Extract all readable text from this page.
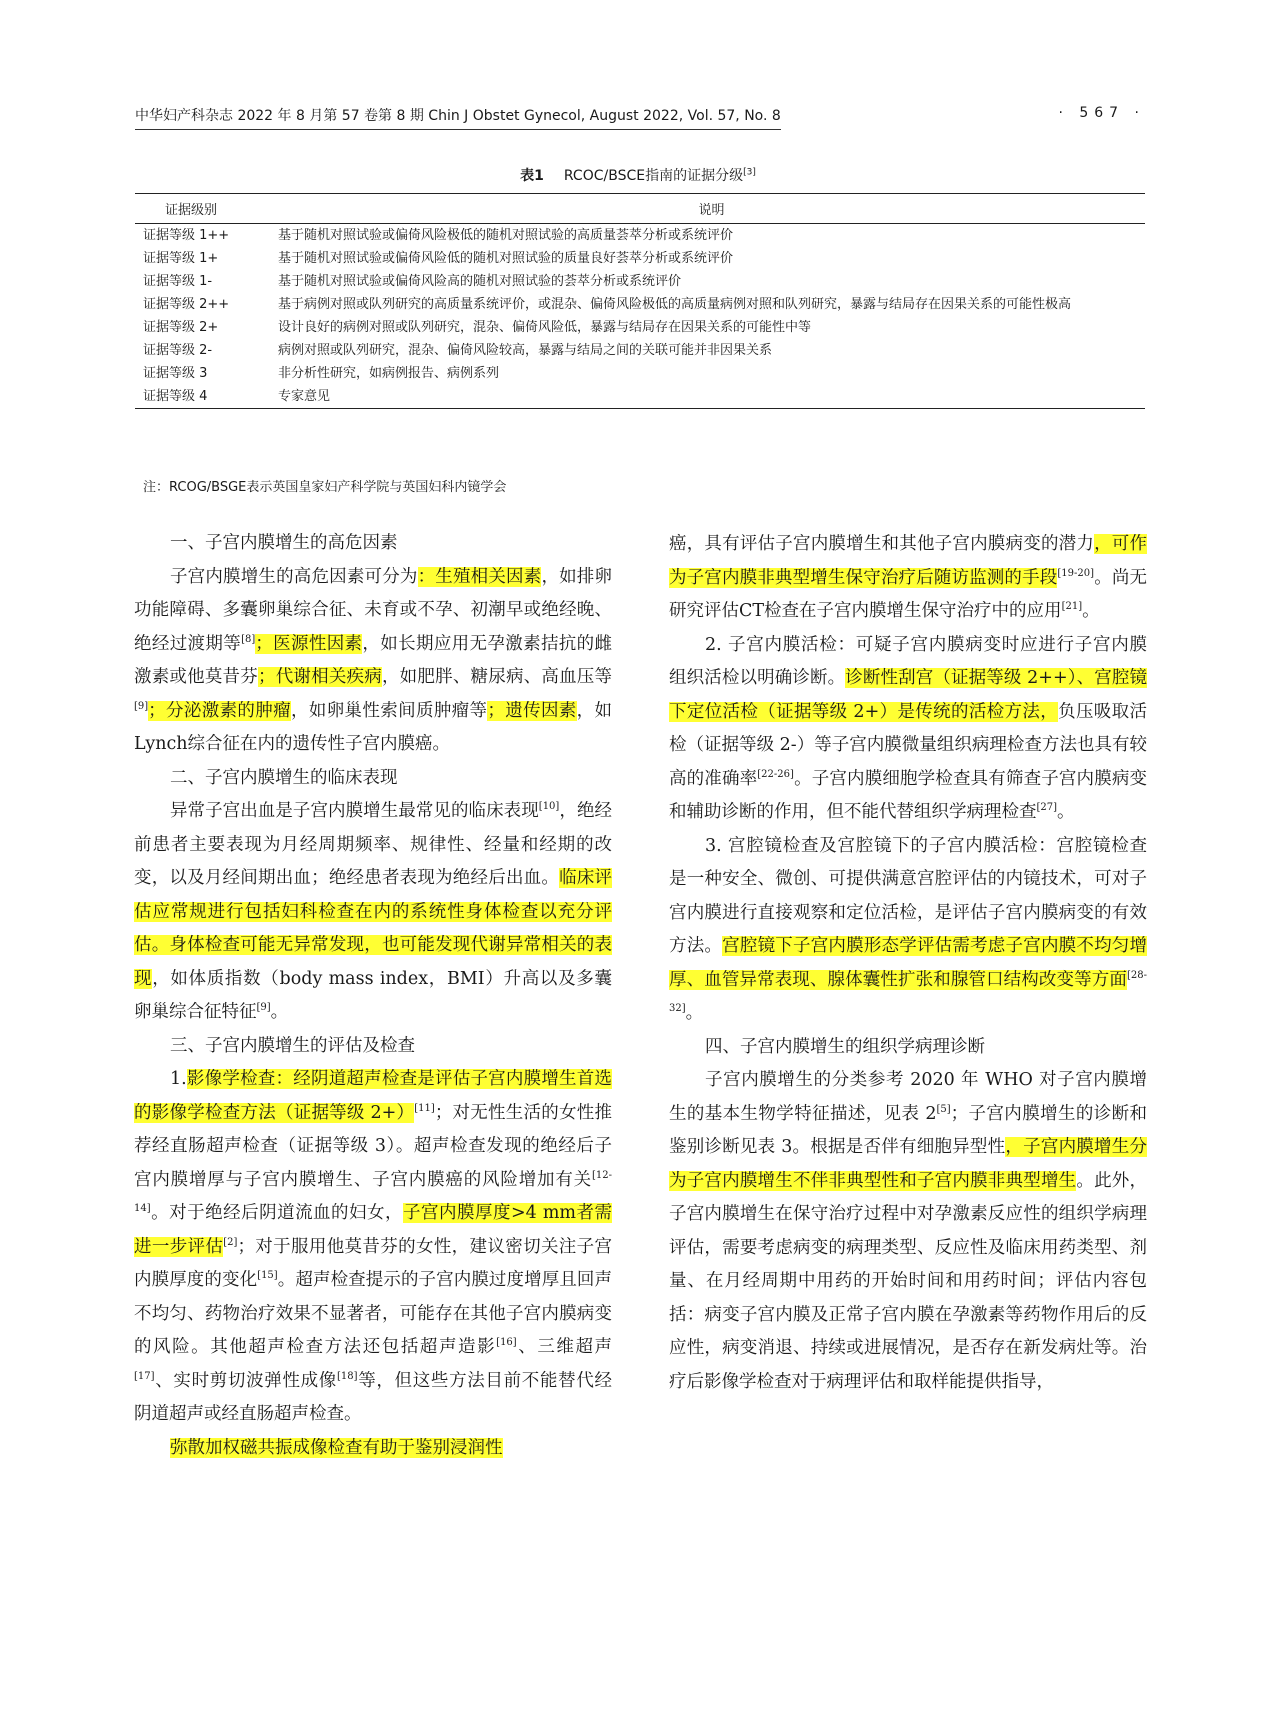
中华妇产科杂志 2022 年 8 月第 57 卷第 8 期 Chin J Obstet Gynecol, August 2022, Vol. 57, No. 8	· 567 ·
表1 RCOC/BSCE指南的证据分级[3]
证据级别	说明
证据等级 1++	基于随机对照试验或偏倚风险极低的随机对照试验的高质量荟萃分析或系统评价
证据等级 1+	基于随机对照试验或偏倚风险低的随机对照试验的质量良好荟萃分析或系统评价
证据等级 1-	基于随机对照试验或偏倚风险高的随机对照试验的荟萃分析或系统评价
证据等级 2++	基于病例对照或队列研究的高质量系统评价，或混杂、偏倚风险极低的高质量病例对照和队列研究，暴露与结局存在因果关系的可能性极高
证据等级 2+	设计良好的病例对照或队列研究，混杂、偏倚风险低，暴露与结局存在因果关系的可能性中等
证据等级 2-	病例对照或队列研究，混杂、偏倚风险较高，暴露与结局之间的关联可能并非因果关系
证据等级 3	非分析性研究，如病例报告、病例系列
证据等级 4	专家意见
注：RCOG/BSGE表示英国皇家妇产科学院与英国妇科内镜学会

一、子宫内膜增生的高危因素

子宫内膜增生的高危因素可分为：生殖相关因素，如排卵功能障碍、多囊卵巢综合征、未育或不孕、初潮早或绝经晚、绝经过渡期等[8]；医源性因素，如长期应用无孕激素拮抗的雌激素或他莫昔芬；代谢相关疾病，如肥胖、糖尿病、高血压等[9]；分泌激素的肿瘤，如卵巢性索间质肿瘤等；遗传因素，如Lynch综合征在内的遗传性子宫内膜癌。

二、子宫内膜增生的临床表现

异常子宫出血是子宫内膜增生最常见的临床表现[10]，绝经前患者主要表现为月经周期频率、规律性、经量和经期的改变，以及月经间期出血；绝经患者表现为绝经后出血。临床评估应常规进行包括妇科检查在内的系统性身体检查以充分评估。身体检查可能无异常发现，也可能发现代谢异常相关的表现，如体质指数（body mass index，BMI）升高以及多囊卵巢综合征特征[9]。

三、子宫内膜增生的评估及检查

1.影像学检查：经阴道超声检查是评估子宫内膜增生首选的影像学检查方法（证据等级 2+）[11]；对无性生活的女性推荐经直肠超声检查（证据等级 3）。超声检查发现的绝经后子宫内膜增厚与子宫内膜增生、子宫内膜癌的风险增加有关[12-14]。对于绝经后阴道流血的妇女，子宫内膜厚度>4 mm者需进一步评估[2]；对于服用他莫昔芬的女性，建议密切关注子宫内膜厚度的变化[15]。超声检查提示的子宫内膜过度增厚且回声不均匀、药物治疗效果不显著者，可能存在其他子宫内膜病变的风险。其他超声检查方法还包括超声造影[16]、三维超声[17]、实时剪切波弹性成像[18]等，但这些方法目前不能替代经阴道超声或经直肠超声检查。

弥散加权磁共振成像检查有助于鉴别浸润性

癌，具有评估子宫内膜增生和其他子宫内膜病变的潜力，可作为子宫内膜非典型增生保守治疗后随访监测的手段[19-20]。尚无研究评估CT检查在子宫内膜增生保守治疗中的应用[21]。

2. 子宫内膜活检：可疑子宫内膜病变时应进行子宫内膜组织活检以明确诊断。诊断性刮宫（证据等级 2++）、宫腔镜下定位活检（证据等级 2+）是传统的活检方法，负压吸取活检（证据等级 2-）等子宫内膜微量组织病理检查方法也具有较高的准确率[22-26]。子宫内膜细胞学检查具有筛查子宫内膜病变和辅助诊断的作用，但不能代替组织学病理检查[27]。

3. 宫腔镜检查及宫腔镜下的子宫内膜活检：宫腔镜检查是一种安全、微创、可提供满意宫腔评估的内镜技术，可对子宫内膜进行直接观察和定位活检，是评估子宫内膜病变的有效方法。宫腔镜下子宫内膜形态学评估需考虑子宫内膜不均匀增厚、血管异常表现、腺体囊性扩张和腺管口结构改变等方面[28-32]。

四、子宫内膜增生的组织学病理诊断

子宫内膜增生的分类参考 2020 年 WHO 对子宫内膜增生的基本生物学特征描述，见表 2[5]；子宫内膜增生的诊断和鉴别诊断见表 3。根据是否伴有细胞异型性，子宫内膜增生分为子宫内膜增生不伴非典型性和子宫内膜非典型增生。此外，子宫内膜增生在保守治疗过程中对孕激素反应性的组织学病理评估，需要考虑病变的病理类型、反应性及临床用药类型、剂量、在月经周期中用药的开始时间和用药时间；评估内容包括：病变子宫内膜及正常子宫内膜在孕激素等药物作用后的反应性，病变消退、持续或进展情况，是否存在新发病灶等。治疗后影像学检查对于病理评估和取样能提供指导，
